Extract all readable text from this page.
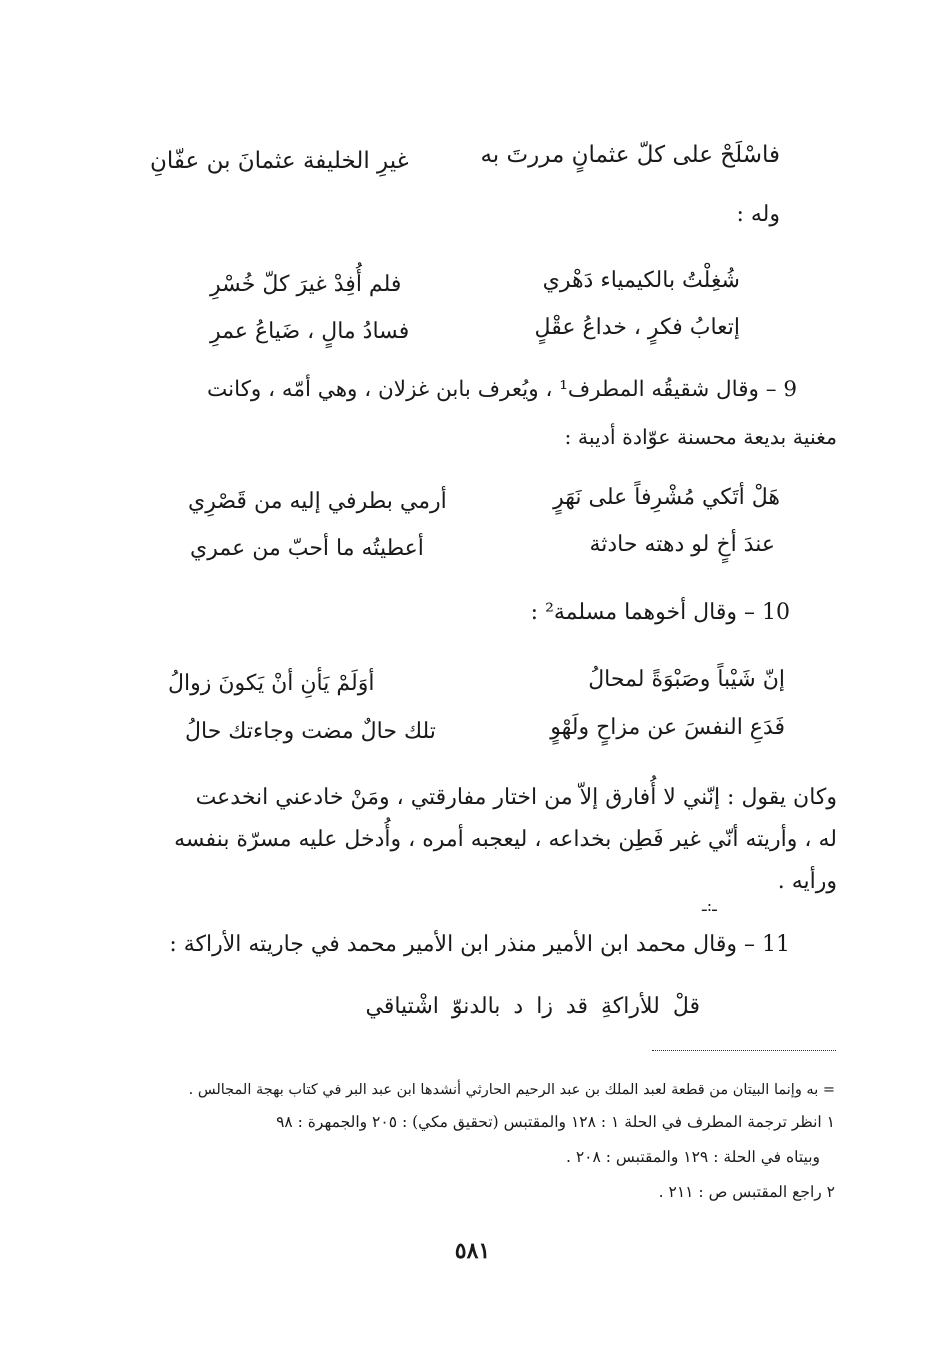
فاسْلَحْ على كلّ عثمانٍ مررتَ به
غيرِ الخليفة عثمانَ بن عفّانِ
وله :
شُغِلْتُ بالكيمياء دَهْري
فلم أُفِدْ غيرَ كلّ خُسْرِ
إتعابُ فكرٍ ، خداعُ عقْلٍ
فسادُ مالٍ ، ضَياعُ عمرِ
9 – وقال شقيقُه المطرف¹ ، ويُعرف بابن غزلان ، وهي أمّه ، وكانت
مغنية بديعة محسنة عوّادة أديبة :
هَلْ أتَكي مُشْرِفاً على نَهَرٍ
أرمي بطرفي إليه من قَصْرِي
عندَ أخٍ لو دهته حادثة
أعطيتُه ما أحبّ من عمري
10 – وقال أخوهما مسلمة² :
إنّ شَيْباً وصَبْوَةً لمحالُ
أوَلَمْ يَأنِ أنْ يَكونَ زوالُ
فَدَعِ النفسَ عن مزاحٍ ولَهْوٍ
تلك حالٌ مضت وجاءتك حالُ
وكان يقول : إنّني لا أُفارق إلاّ من اختار مفارقتي ، ومَنْ خادعني انخدعت
له ، وأريته أنّي غير فَطِن بخداعه ، ليعجبه أمره ، وأُدخل عليه مسرّة بنفسه
ورأيه .
ـ:ـ
11 – وقال محمد ابن الأمير منذر ابن الأمير محمد في جاريته الأراكة :
قلْ للأراكةِ قد زا د بالدنوّ اشْتياقي
= به وإنما البيتان من قطعة لعبد الملك بن عبد الرحيم الحارثي أنشدها ابن عبد البر في كتاب بهجة المجالس .
١ انظر ترجمة المطرف في الحلة ١ : ١٢٨ والمقتبس (تحقيق مكي) : ٢٠٥ والجمهرة : ٩٨
وبيتاه في الحلة : ١٢٩ والمقتبس : ٢٠٨ .
٢ راجع المقتبس ص : ٢١١ .
٥٨١
